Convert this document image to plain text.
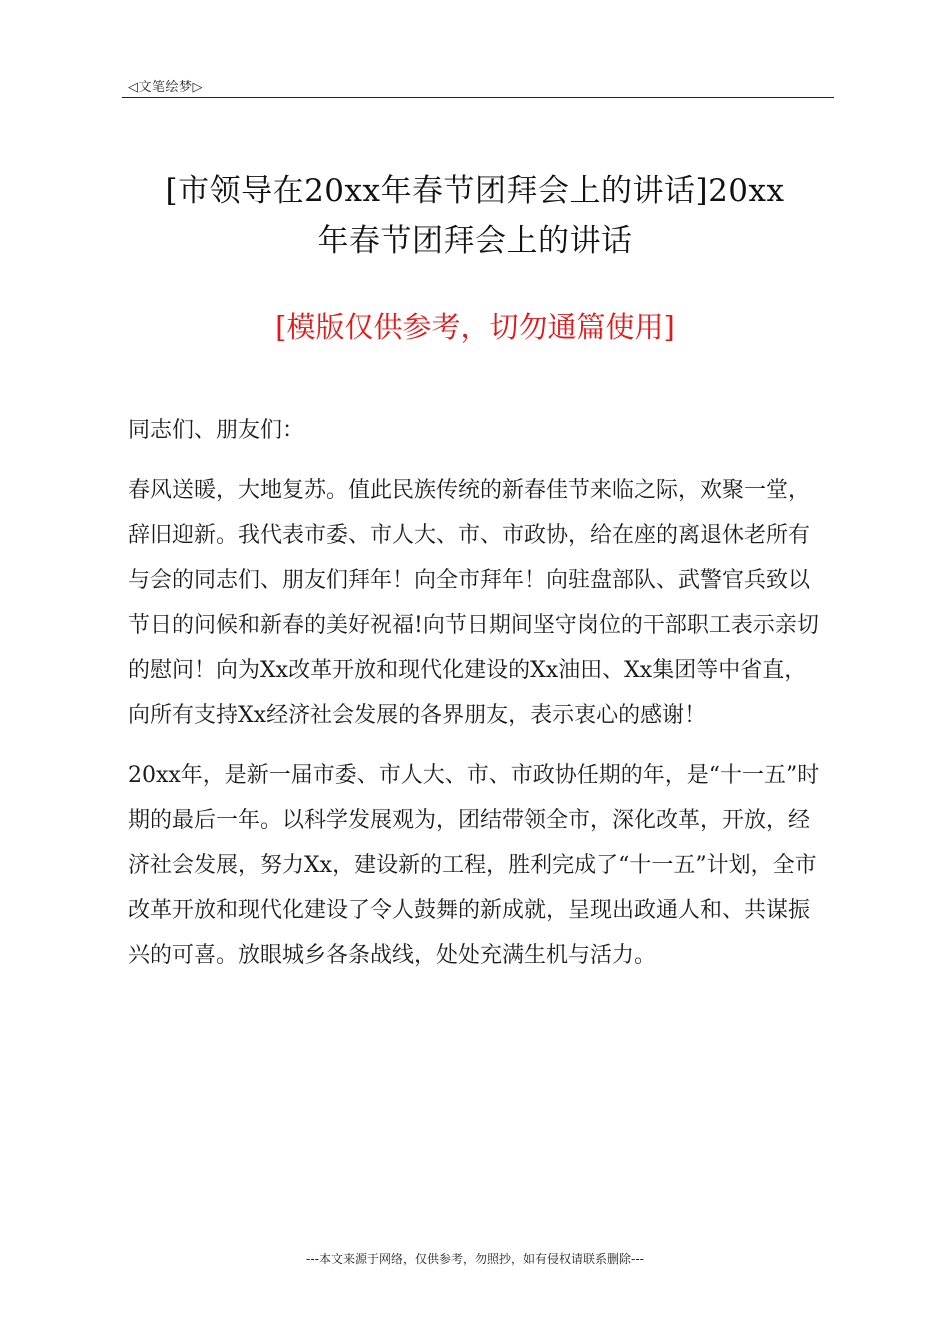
◁文笔绘梦▷
[市领导在20xx年春节团拜会上的讲话]20xx
年春节团拜会上的讲话
[模版仅供参考，切勿通篇使用]

同志们、朋友们：

春风送暖，大地复苏。值此民族传统的新春佳节来临之际，欢聚一堂，辞旧迎新。我代表市委、市人大、市、市政协，给在座的离退休老所有与会的同志们、朋友们拜年！向全市拜年！向驻盘部队、武警官兵致以节日的问候和新春的美好祝福!向节日期间坚守岗位的干部职工表示亲切的慰问！向为Xx改革开放和现代化建设的Xx油田、Xx集团等中省直，向所有支持Xx经济社会发展的各界朋友，表示衷心的感谢！

20xx年，是新一届市委、市人大、市、市政协任期的年，是“十一五”时期的最后一年。以科学发展观为，团结带领全市，深化改革，开放，经济社会发展，努力Xx，建设新的工程，胜利完成了“十一五”计划，全市改革开放和现代化建设了令人鼓舞的新成就，呈现出政通人和、共谋振兴的可喜。放眼城乡各条战线，处处充满生机与活力。

---本文来源于网络，仅供参考，勿照抄，如有侵权请联系删除---
